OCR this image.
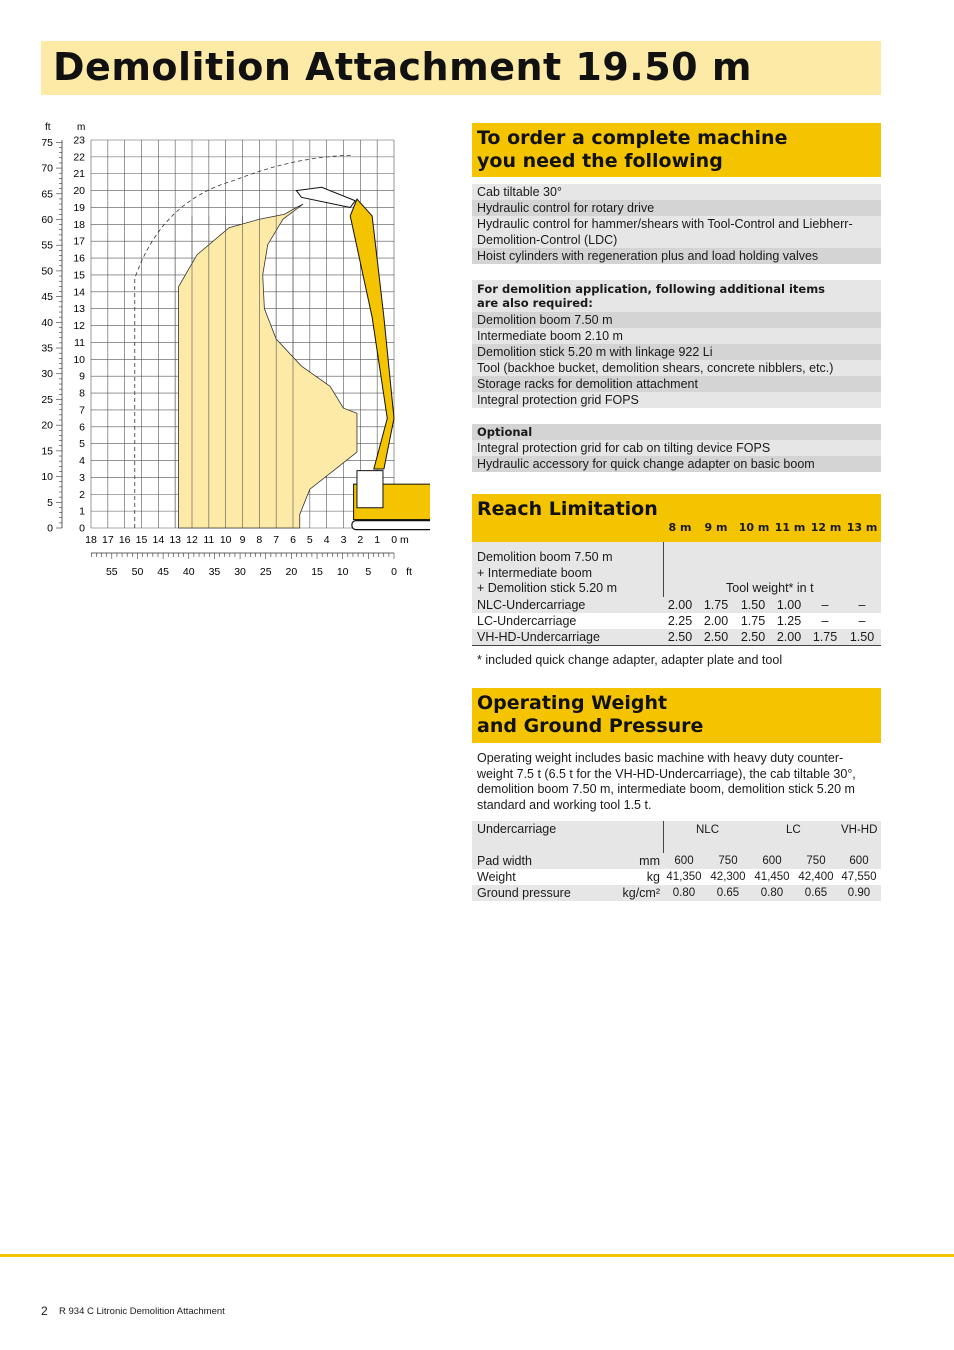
Demolition Attachment 19.50 m
0
1
2
3
4
5
6
7
8
9
10
11
12
13
14
15
16
17
18
19
20
21
22
23
0
5
10
15
20
25
30
35
40
45
50
55
60
65
70
75
18 17 16 15 14 13 12 11 10 9 8 7 6 5 4 3 2 1 0 m
55 50 45 40 35 30 25 20 15 10 5 0 ft
ft	m	To order a complete machine
you need the following
Cab tiltable 30°
Hydraulic control for rotary drive
Hydraulic control for hammer/shears with Tool-Control and Liebherr-
Demolition-Control (LDC)
Hoist cylinders with regeneration plus and load holding valves
For demolition application, following additional items
are also required:
Demolition boom 7.50 m
Intermediate boom 2.10 m
Demolition stick 5.20 m with linkage 922 Li
Tool (backhoe bucket, demolition shears, concrete nibblers, etc.)
Storage racks for demolition attachment
Integral protection grid FOPS
Optional
Integral protection grid for cab on tilting device FOPS
Hydraulic accessory for quick change adapter on basic boom
Reach Limitation
8 m	9 m	10 m 11 m 12 m 13 m
Demolition boom 7.50 m
+ Intermediate boom
+ Demolition stick 5.20 m	Tool weight* in t
NLC-Undercarriage	2.00 1.75	1.50 1.00	–	–
LC-Undercarriage	2.25 2.00	1.75 1.25	–	–
VH-HD-Undercarriage	2.50 2.50	2.50 2.00 1.75	1.50
* included quick change adapter, adapter plate and tool
Operating Weight
and Ground Pressure
Operating weight includes basic machine with heavy duty counter-
weight 7.5 t (6.5 t for the VH-HD-Undercarriage), the cab tiltable 30°,
demolition boom 7.50 m, intermediate boom, demolition stick 5.20 m
standard and working tool 1.5 t.
Undercarriage	NLC	LC	VH-HD
Pad width	mm	600	750	600	750	600
Weight	kg 41,350 42,300 41,450 42,400 47,550
Ground pressure	kg/cm²	0.80	0.65	0.80	0.65	0.90
2 R 934 C Litronic Demolition Attachment
